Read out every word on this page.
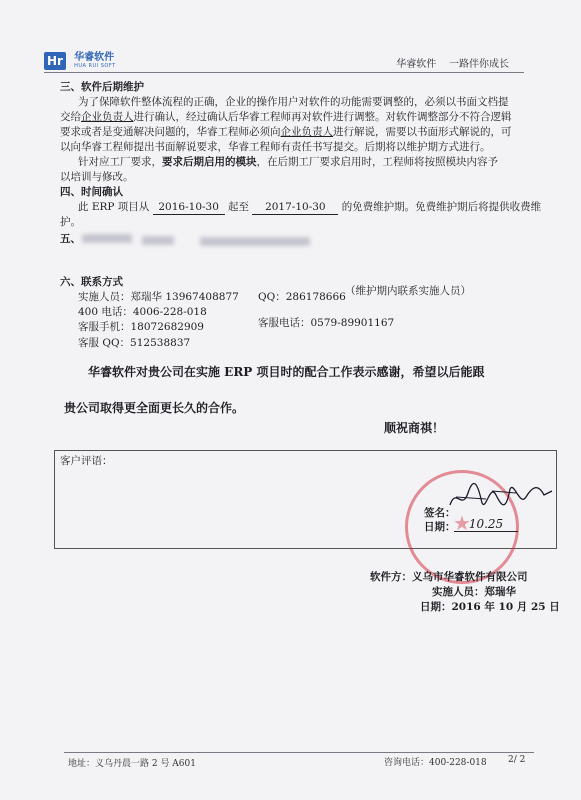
Hr 华睿软件
HUA RUI SOFT	华睿软件 一路伴你成长
三、软件后期维护
为了保障软件整体流程的正确，企业的操作用户对软件的功能需要调整的，必须以书面文档提
交给企业负责人进行确认，经过确认后华睿工程师再对软件进行调整。对软件调整部分不符合逻辑
要求或者是变通解决问题的，华睿工程师必须向企业负责人进行解说，需要以书面形式解说的，可
以向华睿工程师提出书面解说要求，华睿工程师有责任书写提交。后期将以维护期方式进行。
针对应工厂要求，要求后期启用的模块，在后期工厂要求启用时，工程师将按照模块内容予
以培训与修改。
四、时间确认
此 ERP 项目从 2016-10-30 起至 2017-10-30 的免费维护期。免费维护期后将提供收费维
护。
五、
六、联系方式
实施人员：郑瑞华 13967408877 QQ：286178666 （维护期内联系实施人员）
400 电话：4006-228-018
客服手机：18072682909	客服电话：0579-89901167
客服 QQ：512538837
华睿软件对贵公司在实施 ERP 项目时的配合工作表示感谢，希望以后能跟
贵公司取得更全面更长久的合作。
顺祝商祺！
客户评语：
★
签名：
日期：	10.25
软件方：义乌市华睿软件有限公司
实施人员：郑瑞华
日期：2016 年 10 月 25 日
地址：义乌丹晨一路 2 号 A601	咨询电话：400-228-018 2/ 2
